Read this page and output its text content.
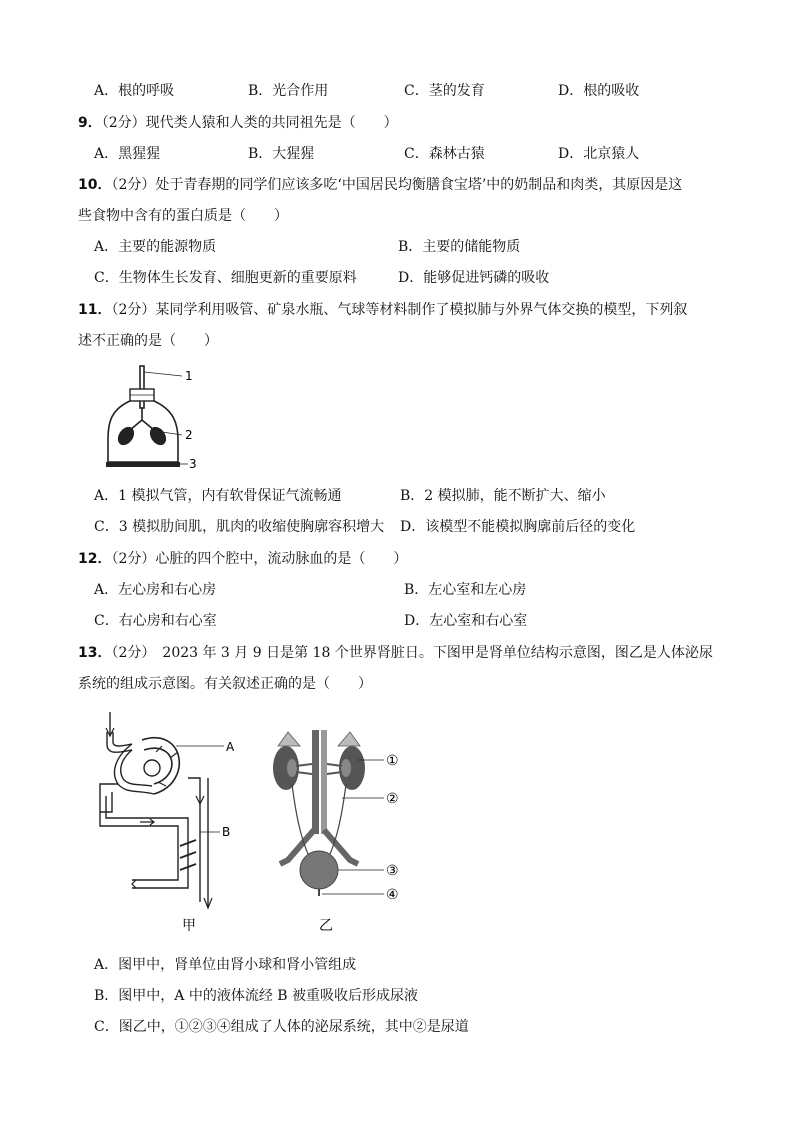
A．根的呼吸	B．光合作用	C．茎的发育	D．根的吸收
9．（2分）现代类人猿和人类的共同祖先是（　　）
A．黑猩猩	B．大猩猩	C．森林古猿	D．北京猿人
10．（2分）处于青春期的同学们应该多吃‘中国居民均衡膳食宝塔’中的奶制品和肉类，其原因是这
些食物中含有的蛋白质是（　　）
A．主要的能源物质	B．主要的储能物质
C．生物体生长发育、细胞更新的重要原料	D．能够促进钙磷的吸收
11．（2分）某同学利用吸管、矿泉水瓶、气球等材料制作了模拟肺与外界气体交换的模型，下列叙
述不正确的是（　　）
1
2
3
A．1 模拟气管，内有软骨保证气流畅通	B．2 模拟肺，能不断扩大、缩小
C．3 模拟肋间肌，肌肉的收缩使胸廓容积增大 D．该模型不能模拟胸廓前后径的变化
12．（2分）心脏的四个腔中，流动脉血的是（　　）
A．左心房和右心房	B．左心室和左心房
C．右心房和右心室	D．左心室和右心室
13．（2分）　2023 年 3 月 9 日是第 18 个世界肾脏日。下图甲是肾单位结构示意图，图乙是人体泌尿
系统的组成示意图。有关叙述正确的是（　　）
A
B
甲
①
②
③
④
乙
A．图甲中，肾单位由肾小球和肾小管组成
B．图甲中，A 中的液体流经 B 被重吸收后形成尿液
C．图乙中，①②③④组成了人体的泌尿系统，其中②是尿道
